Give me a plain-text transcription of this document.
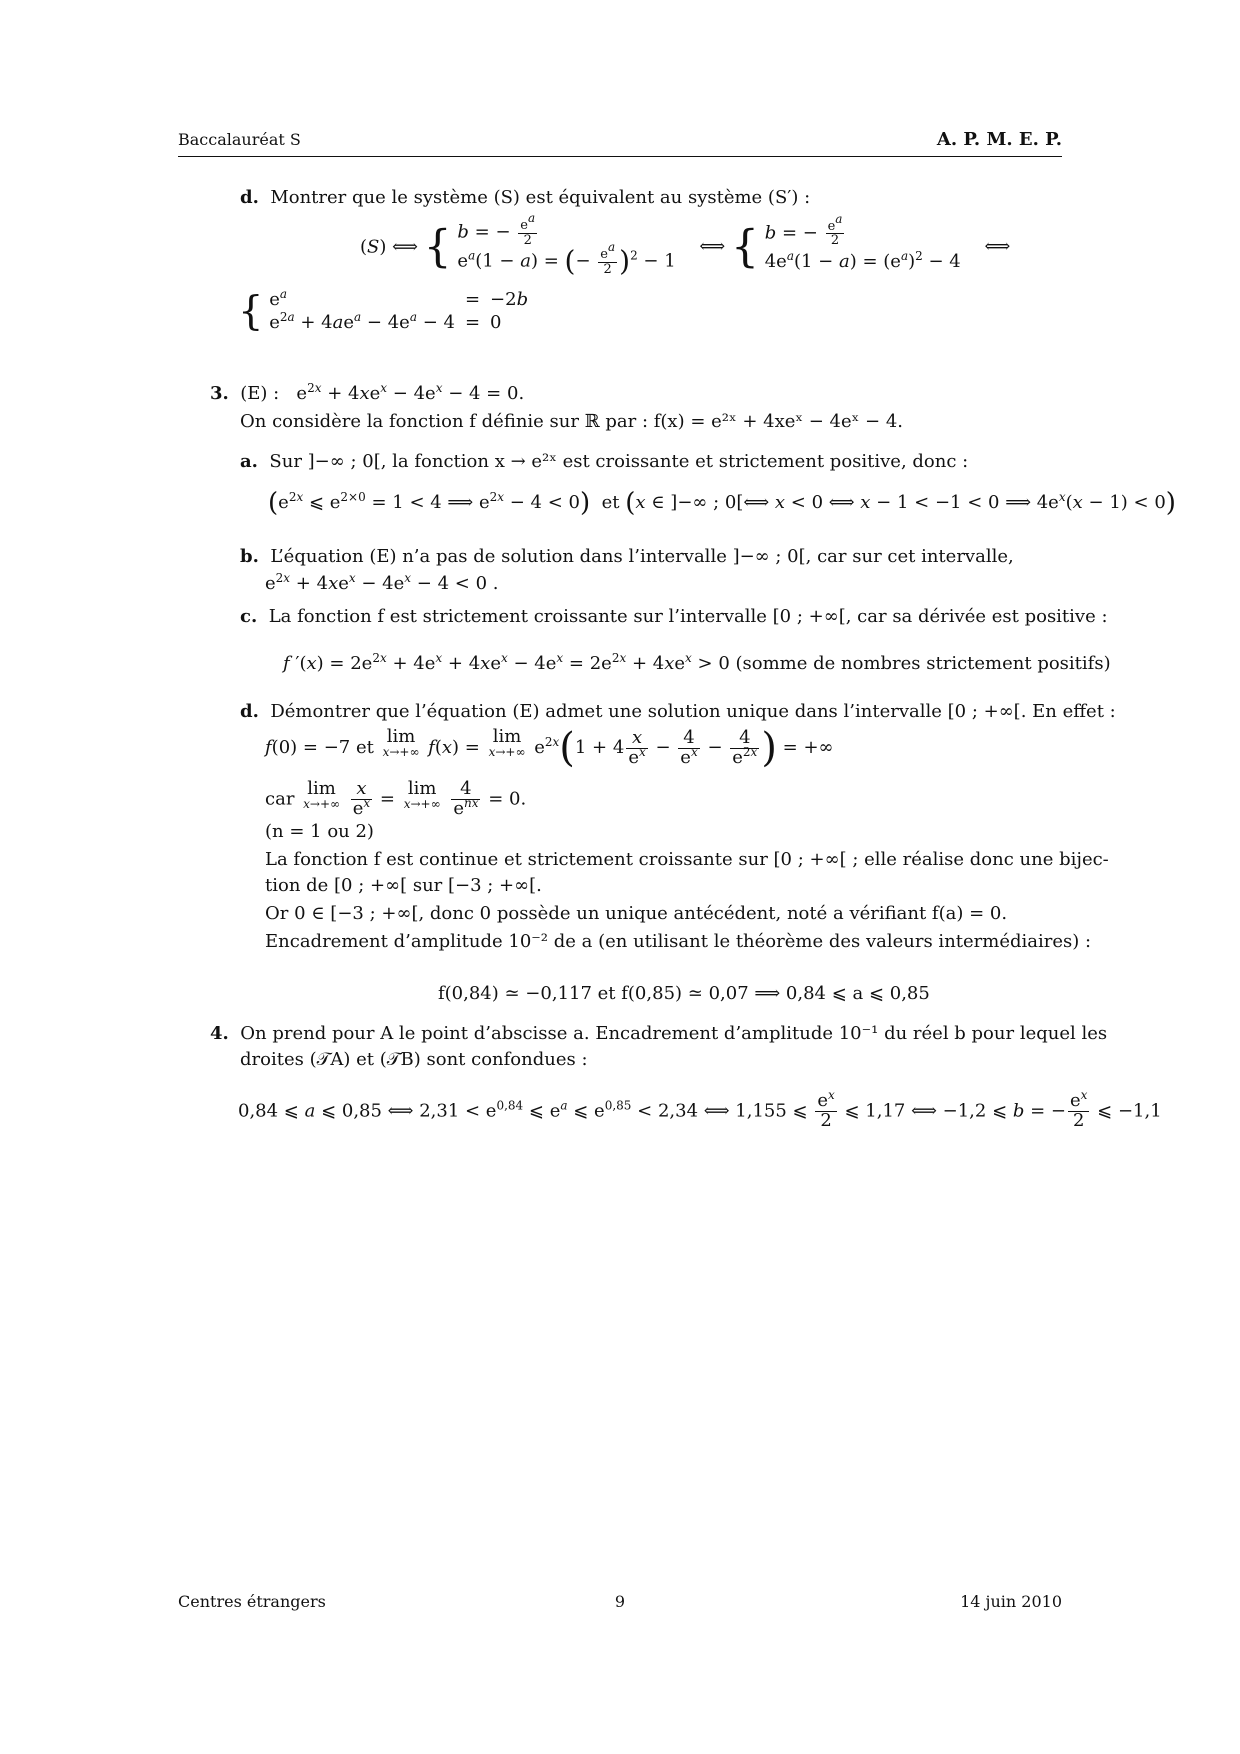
Baccalauréat S	A. P. M. E. P.
d. Montrer que le système (S) est équivalent au système (S′) :
(S) ⟺ { b = − $\frac{e^a}{2}$
$e^a(1 - a)$ = (− $\frac{e^a}{2} )^2 - 1$
⟺ { b = − $\frac{e^a}{2}$
$4e^a(1 - a) = (e^a)^2 - 4$
⟺
{ $e^a$	=	−2b
$e^{2a} + 4ae^a - 4e^a - 4$	=	0
3. (E) :   $e^{2x} + 4xe^x - 4e^x - 4 = 0$.
On considère la fonction f définie sur ℝ par : f(x) = e²ˣ + 4xeˣ − 4eˣ − 4.
a. Sur ]−∞ ; 0[, la fonction x → e²ˣ est croissante et strictement positive, donc :
($e^{2x}$ ⩽ $e^{2\times 0} = 1 < 4$ ⟹ $e^{2x} - 4 < 0$)  et (x ∈ ]−∞ ; 0[⟺ x < 0 ⟺ x − 1 < −1 < 0 ⟹ $4e^x(x - 1) < 0$)
b. L’équation (E) n’a pas de solution dans l’intervalle ]−∞ ; 0[, car sur cet intervalle,
$e^{2x} + 4xe^x - 4e^x - 4 < 0$ .
c. La fonction f est strictement croissante sur l’intervalle [0 ; +∞[, car sa dérivée est positive :
f $'(x) = 2e^{2x} + 4e^x + 4xe^x - 4e^x = 2e^{2x} + 4xe^x > 0$ (somme de nombres strictement positifs)
d. Démontrer que l’équation (E) admet une solution unique dans l’intervalle [0 ; +∞[. En effet :
f(0) = −7 et
lim
x→+∞ f(x) =
lim
x→+∞ $e^{2x}(1 + 4 \frac{x}{e^x} - \frac{4}{e^x} - \frac{4}{e^{2x}}$ ) = +∞
car lim
x→+∞
$\frac{x}{e^x} = \lim$
x→+∞
$\frac{4}{e^{nx}} = 0$.
(n = 1 ou 2)
La fonction f est continue et strictement croissante sur [0 ; +∞[ ; elle réalise donc une bijec-
tion de [0 ; +∞[ sur [−3 ; +∞[.
Or 0 ∈ [−3 ; +∞[, donc 0 possède un unique antécédent, noté a vérifiant f(a) = 0.
Encadrement d’amplitude 10⁻² de a (en utilisant le théorème des valeurs intermédiaires) :
f(0,84) ≃ −0,117 et f(0,85) ≃ 0,07 ⟹ 0,84 ⩽ a ⩽ 0,85
4. On prend pour A le point d’abscisse a. Encadrement d’amplitude 10⁻¹ du réel b pour lequel les
droites (𝒯A) et (𝒯B) sont confondues :
0,84 ⩽ a ⩽ 0,85 ⟺ $2,31 < e^{0,84}$ ⩽ $e^a$ ⩽ $e^{0,85} < 2,34$ ⟺ 1,155 ⩽ $\frac{e^x}{2}$ ⩽ 1,17 ⟺ −1,2 ⩽ b = − $\frac{e^x}{2}$ ⩽ −1,1
Centres étrangers	9	14 juin 2010
